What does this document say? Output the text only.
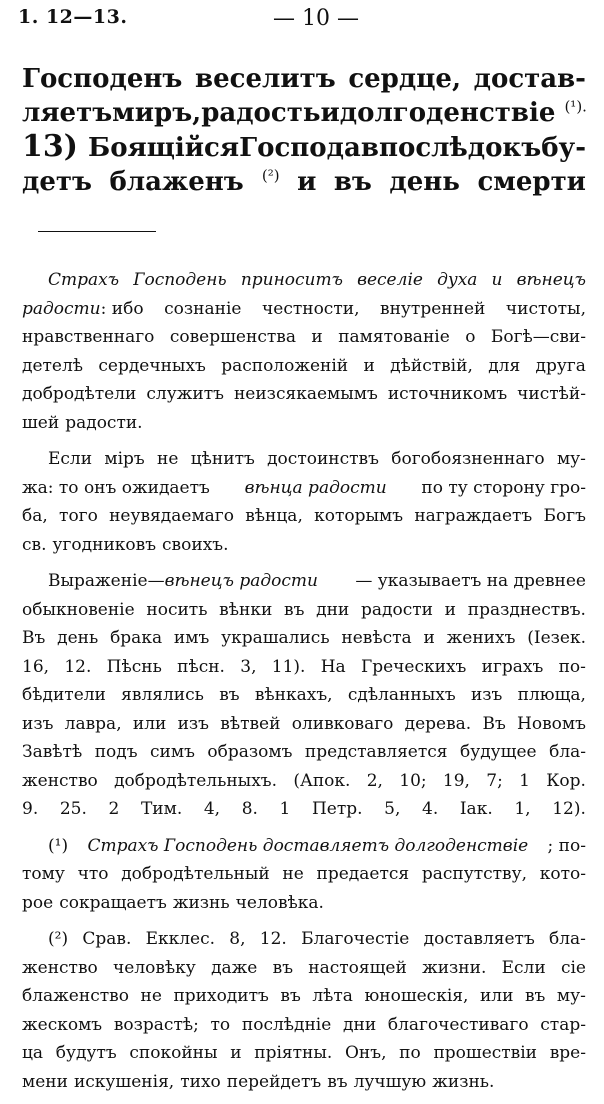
1. 12—13.	— 10 —
Господенъ веселитъ сердце, достав-
ляетъ миръ, радость и долгоденствіе $^{(^1).}$
13) Боящійся Господа впослѣдокъ бу-
детъ блаженъ $^{(^2)}$ и въ день смерти
Страхъ Господень приноситъ веселіе духа и вѣнецъ
радости: ибо сознаніе честности, внутренней чистоты,
нравственнаго совершенства и памятованіе о Богѣ—сви-
детелѣ сердечныхъ расположеній и дѣйствій, для друга
добродѣтели служитъ неизсякаемымъ источникомъ чистѣй-
шей радости.
Если міръ не цѣнитъ достоинствъ богобоязненнаго му-
жа: то онъ ожидаетъ вѣнца радости по ту сторону гро-
ба, того неувядаемаго вѣнца, которымъ награждаетъ Богъ
св. угодниковъ своихъ.
Выраженіе—вѣнецъ радости — указываетъ на древнее
обыкновеніе носить вѣнки въ дни радости и празднествъ.
Въ день брака имъ украшались невѣста и женихъ (Іезек.
16, 12. Пѣснь пѣсн. 3, 11). На Греческихъ играхъ по-
бѣдители являлись въ вѣнкахъ, сдѣланныхъ изъ плюща,
изъ лавра, или изъ вѣтвей оливковаго дерева. Въ Новомъ
Завѣтѣ подъ симъ образомъ представляется будущее бла-
женство добродѣтельныхъ. (Апок. 2, 10; 19, 7; 1 Кор.
9. 25. 2 Тим. 4, 8. 1 Петр. 5, 4. Іак. 1, 12).
(¹) Страхъ Господень доставляетъ долгоденствіе ; по-
тому что добродѣтельный не предается распутству, кото-
рое сокращаетъ жизнь человѣка.
(²) Срав. Екклес. 8, 12. Благочестіе доставляетъ бла-
женство человѣку даже въ настоящей жизни. Если сіе
блаженство не приходитъ въ лѣта юношескія, или въ му-
жескомъ возрастѣ; то послѣдніе дни благочестиваго стар-
ца будутъ спокойны и пріятны. Онъ, по прошествіи вре-
мени искушенія, тихо перейдетъ въ лучшую жизнь.
